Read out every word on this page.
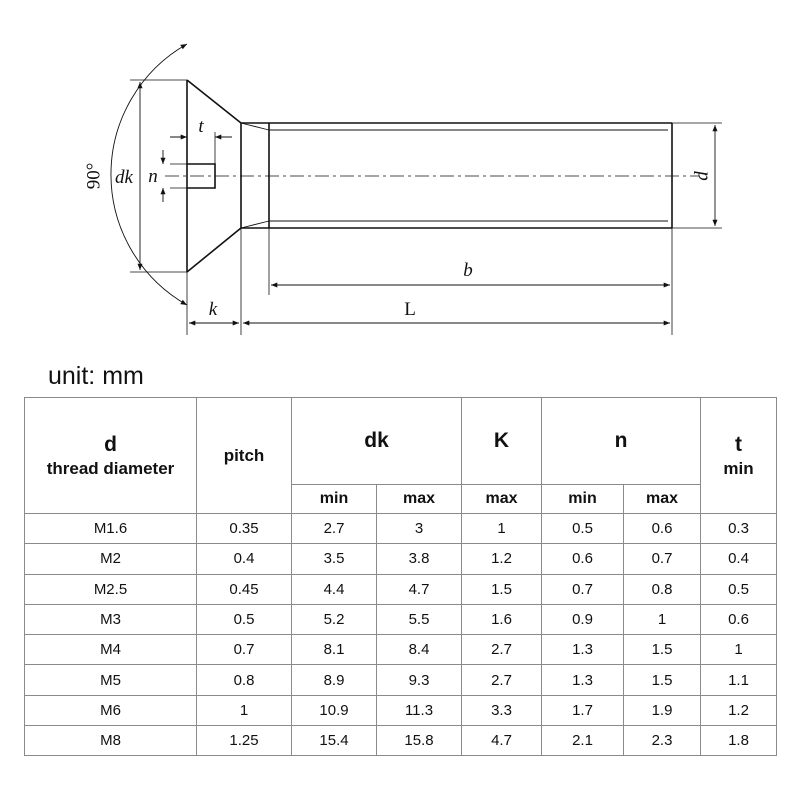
90° dk n
t
d
b
k	L
unit: mm
d
thread diameter	pitch	dk		K	n		t
min

		min	max	max	min	max	
M1.6	0.35	2.7	3	1	0.5	0.6	0.3
M2	0.4	3.5	3.8	1.2	0.6	0.7	0.4
M2.5	0.45	4.4	4.7	1.5	0.7	0.8	0.5
M3	0.5	5.2	5.5	1.6	0.9	1	0.6
M4	0.7	8.1	8.4	2.7	1.3	1.5	1
M5	0.8	8.9	9.3	2.7	1.3	1.5	1.1
M6	1	10.9	11.3	3.3	1.7	1.9	1.2
M8	1.25	15.4	15.8	4.7	2.1	2.3	1.8
